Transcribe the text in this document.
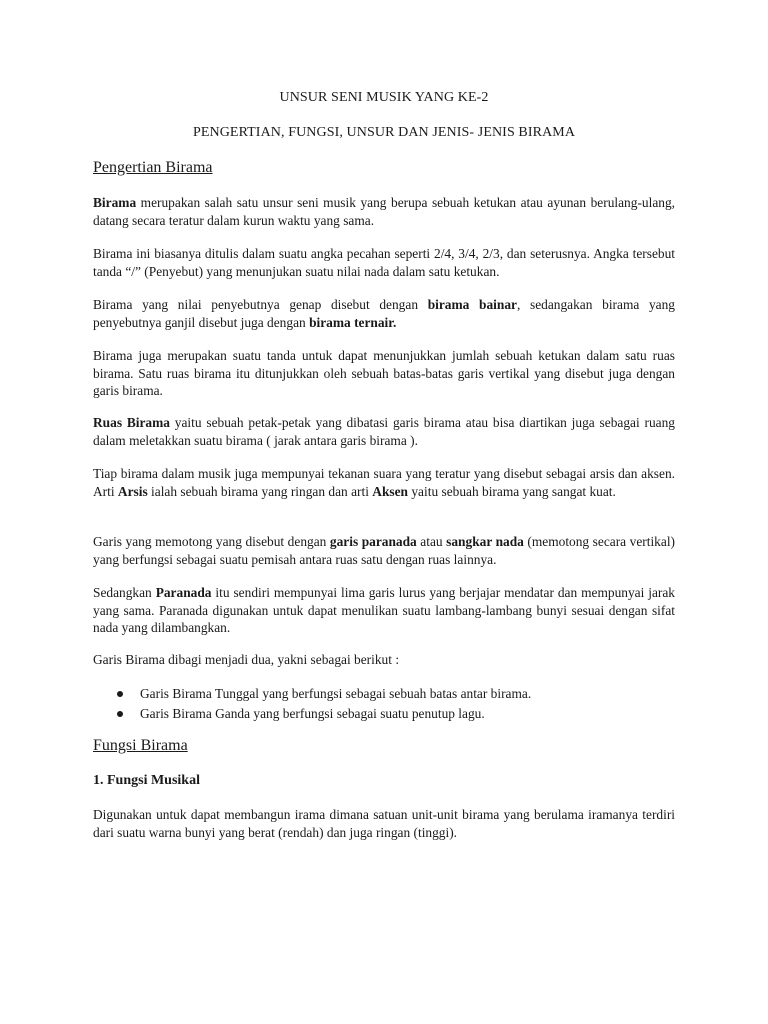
UNSUR SENI MUSIK YANG KE-2
PENGERTIAN, FUNGSI, UNSUR DAN JENIS- JENIS BIRAMA
Pengertian Birama

Birama merupakan salah satu unsur seni musik yang berupa sebuah ketukan atau ayunan berulang-ulang, datang secara teratur dalam kurun waktu yang sama.

Birama ini biasanya ditulis dalam suatu angka pecahan seperti 2/4, 3/4, 2/3, dan seterusnya. Angka tersebut tanda “/” (Penyebut) yang menunjukan suatu nilai nada dalam satu ketukan.

Birama yang nilai penyebutnya genap disebut dengan birama bainar, sedangakan birama yang penyebutnya ganjil disebut juga dengan birama ternair.

Birama juga merupakan suatu tanda untuk dapat menunjukkan jumlah sebuah ketukan dalam satu ruas birama. Satu ruas birama itu ditunjukkan oleh sebuah batas-batas garis vertikal yang disebut juga dengan garis birama.

Ruas Birama yaitu sebuah petak-petak yang dibatasi garis birama atau bisa diartikan juga sebagai ruang dalam meletakkan suatu birama ( jarak antara garis birama ).

Tiap birama dalam musik juga mempunyai tekanan suara yang teratur yang disebut sebagai arsis dan aksen. Arti Arsis ialah sebuah birama yang ringan dan arti Aksen yaitu sebuah birama yang sangat kuat.

Garis yang memotong yang disebut dengan garis paranada atau sangkar nada (memotong secara vertikal) yang berfungsi sebagai suatu pemisah antara ruas satu dengan ruas lainnya.

Sedangkan Paranada itu sendiri mempunyai lima garis lurus yang berjajar mendatar dan mempunyai jarak yang sama. Paranada digunakan untuk dapat menulikan suatu lambang-lambang bunyi sesuai dengan sifat nada yang dilambangkan.

Garis Birama dibagi menjadi dua, yakni sebagai berikut :

Garis Birama Tunggal yang berfungsi sebagai sebuah batas antar birama.
Garis Birama Ganda yang berfungsi sebagai suatu penutup lagu.
Fungsi Birama
1. Fungsi Musikal

Digunakan untuk dapat membangun irama dimana satuan unit-unit birama yang berulama iramanya terdiri dari suatu warna bunyi yang berat (rendah) dan juga ringan (tinggi).
